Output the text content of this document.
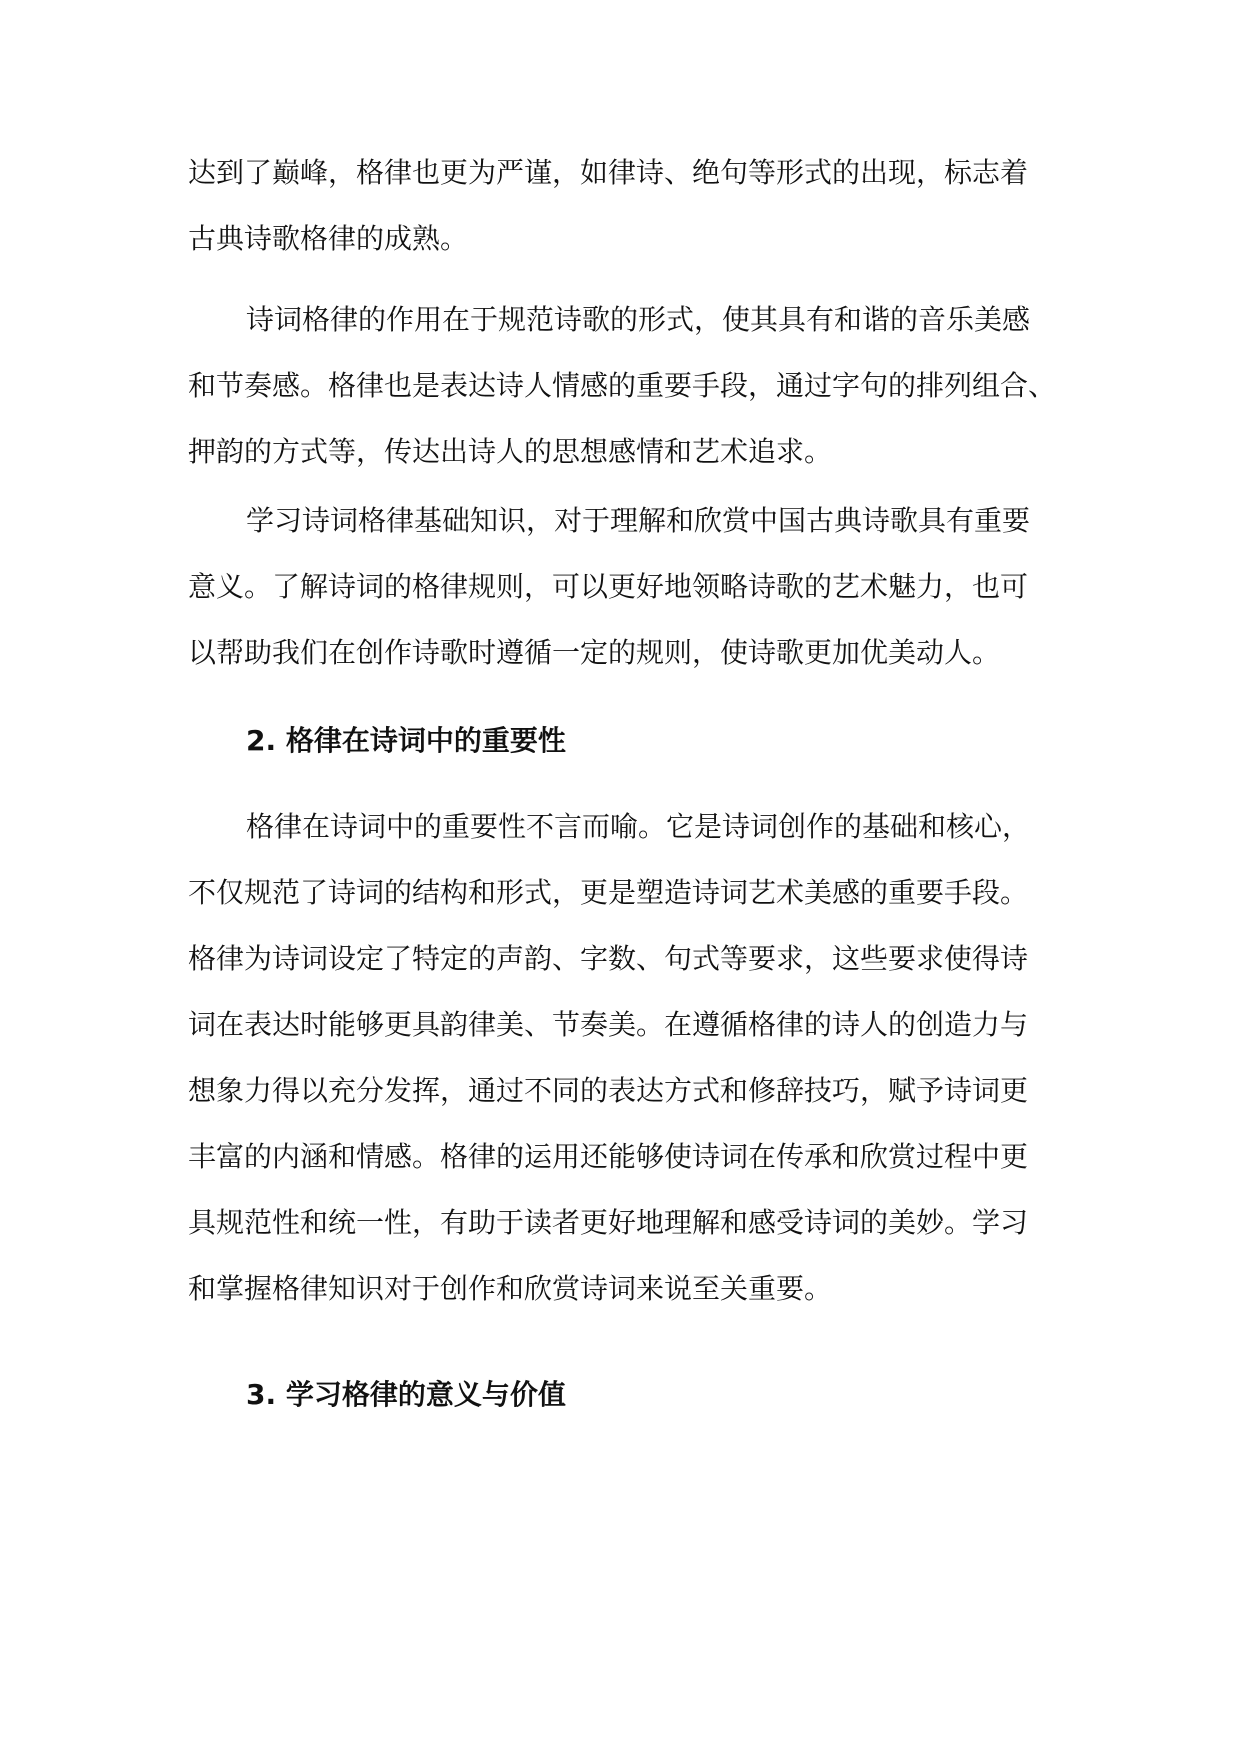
达到了巅峰，格律也更为严谨，如律诗、绝句等形式的出现，标志着
古典诗歌格律的成熟。
诗词格律的作用在于规范诗歌的形式，使其具有和谐的音乐美感
和节奏感。格律也是表达诗人情感的重要手段，通过字句的排列组合、
押韵的方式等，传达出诗人的思想感情和艺术追求。
学习诗词格律基础知识，对于理解和欣赏中国古典诗歌具有重要
意义。了解诗词的格律规则，可以更好地领略诗歌的艺术魅力，也可
以帮助我们在创作诗歌时遵循一定的规则，使诗歌更加优美动人。
2. 格律在诗词中的重要性
格律在诗词中的重要性不言而喻。它是诗词创作的基础和核心，
不仅规范了诗词的结构和形式，更是塑造诗词艺术美感的重要手段。
格律为诗词设定了特定的声韵、字数、句式等要求，这些要求使得诗
词在表达时能够更具韵律美、节奏美。在遵循格律的诗人的创造力与
想象力得以充分发挥，通过不同的表达方式和修辞技巧，赋予诗词更
丰富的内涵和情感。格律的运用还能够使诗词在传承和欣赏过程中更
具规范性和统一性，有助于读者更好地理解和感受诗词的美妙。学习
和掌握格律知识对于创作和欣赏诗词来说至关重要。
3. 学习格律的意义与价值
